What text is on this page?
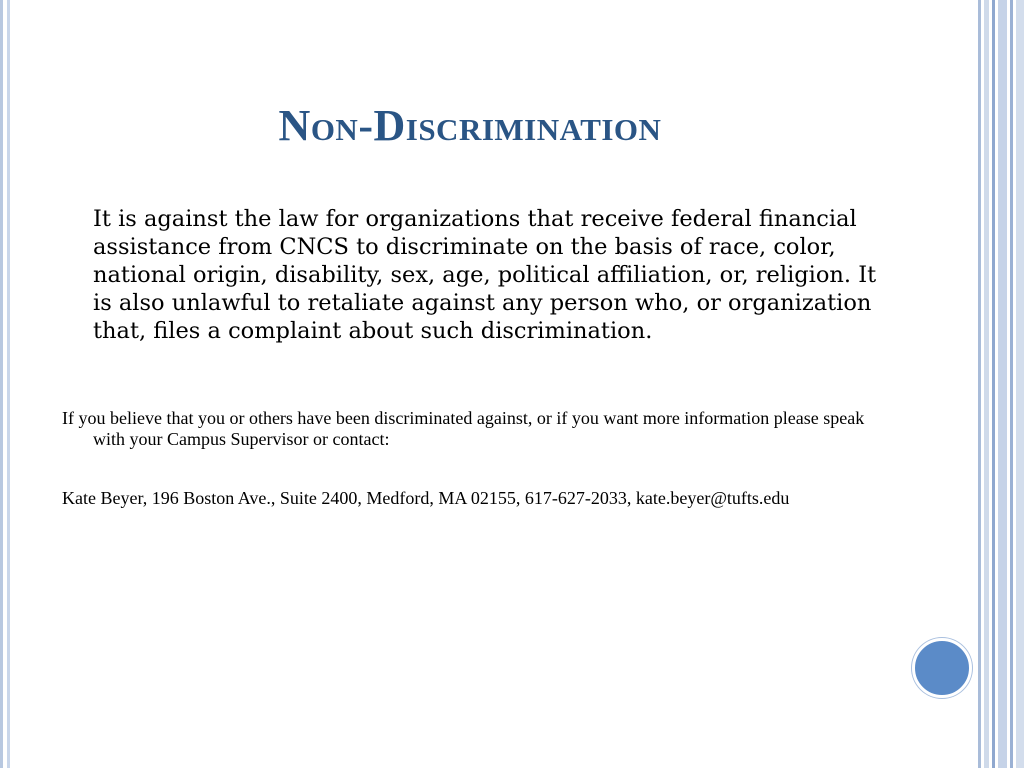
Non-Discrimination

It is against the law for organizations that receive federal financial assistance from CNCS to discriminate on the basis of race, color, national origin, disability, sex, age, political affiliation, or, religion. It is also unlawful to retaliate against any person who, or organization that, files a complaint about such discrimination.

If you believe that you or others have been discriminated against, or if you want more information please speak with your Campus Supervisor or contact:

Kate Beyer, 196 Boston Ave., Suite 2400, Medford, MA 02155, 617-627-2033, kate.beyer@tufts.edu
